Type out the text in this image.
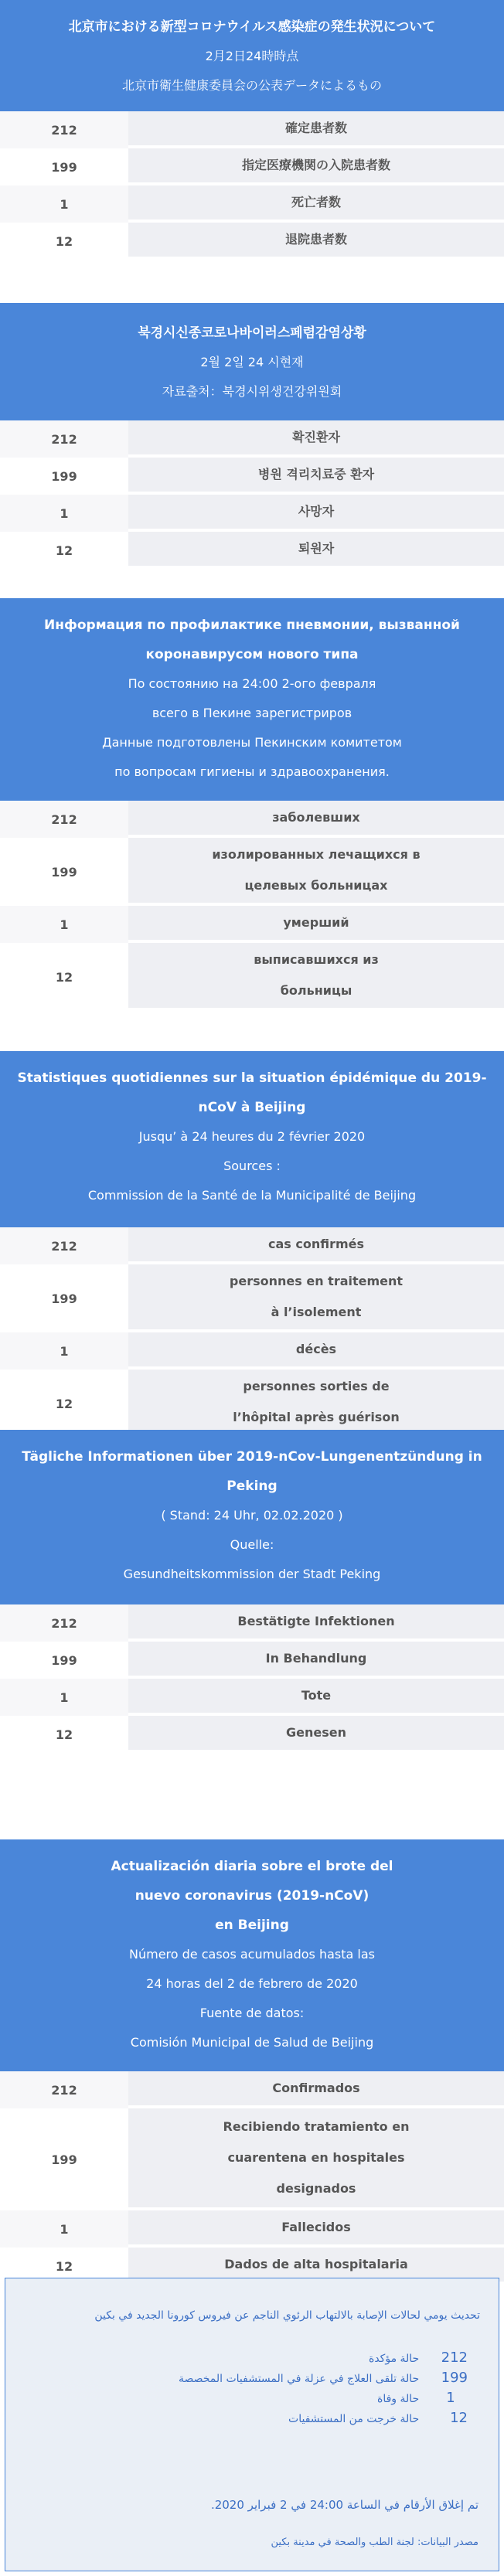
北京市における新型コロナウイルス感染症の発生状況について
2月2日24時時点
北京市衛生健康委員会の公表データによるもの
212	確定患者数
199	指定医療機関の入院患者数
1	死亡者数
12	退院患者数
북경시신종코로나바이러스페렴감염상황
2월 2일 24 시현재
자료출처：북경시위생건강위원회
212	확진환자
199	병원 격리치료중 환자
1	사망자
12	퇴원자
Информация по профилактике пневмонии, вызванной
коронавирусом нового типа
По состоянию на 24:00 2-ого февраля
всего в Пекине зарегистриров
Данные подготовлены Пекинским комитетом
по вопросам гигиены и здравоохранения.
212	заболевших
199	изолированных лечащихся в целевых больницах
1	умерший
12	выписавшихся из больницы
Statistiques quotidiennes sur la situation épidémique du 2019-
nCoV à Beijing
Jusqu’ à 24 heures du 2 février 2020
Sources :
Commission de la Santé de la Municipalité de Beijing
212	cas confirmés
199	personnes en traitement à l’isolement
1	décès
12	personnes sorties de l’hôpital après guérison
Tägliche Informationen über 2019-nCov-Lungenentzündung in
Peking
( Stand: 24 Uhr, 02.02.2020 )
Quelle:
Gesundheitskommission der Stadt Peking
212	Bestätigte Infektionen
199	In Behandlung
1	Tote
12	Genesen
Actualización diaria sobre el brote del
nuevo coronavirus (2019-nCoV)
en Beijing
Número de casos acumulados hasta las
24 horas del 2 de febrero de 2020
Fuente de datos:
Comisión Municipal de Salud de Beijing
212	Confirmados
199	Recibiendo tratamiento en cuarentena en hospitales designados
1	Fallecidos
12	Dados de alta hospitalaria
تحديث يومي لحالات الإصابة بالالتهاب الرئوي الناجم عن فيروس كورونا الجديد في بكين
212 حالة مؤكدة
199 حالة تلقى العلاج في عزلة في المستشفيات المخصصة
1 حالة وفاة
12 حالة خرجت من المستشفيات
تم إغلاق الأرقام في الساعة 24:00 في 2 فبراير 2020.
مصدر البيانات: لجنة الطب والصحة في مدينة بكين
